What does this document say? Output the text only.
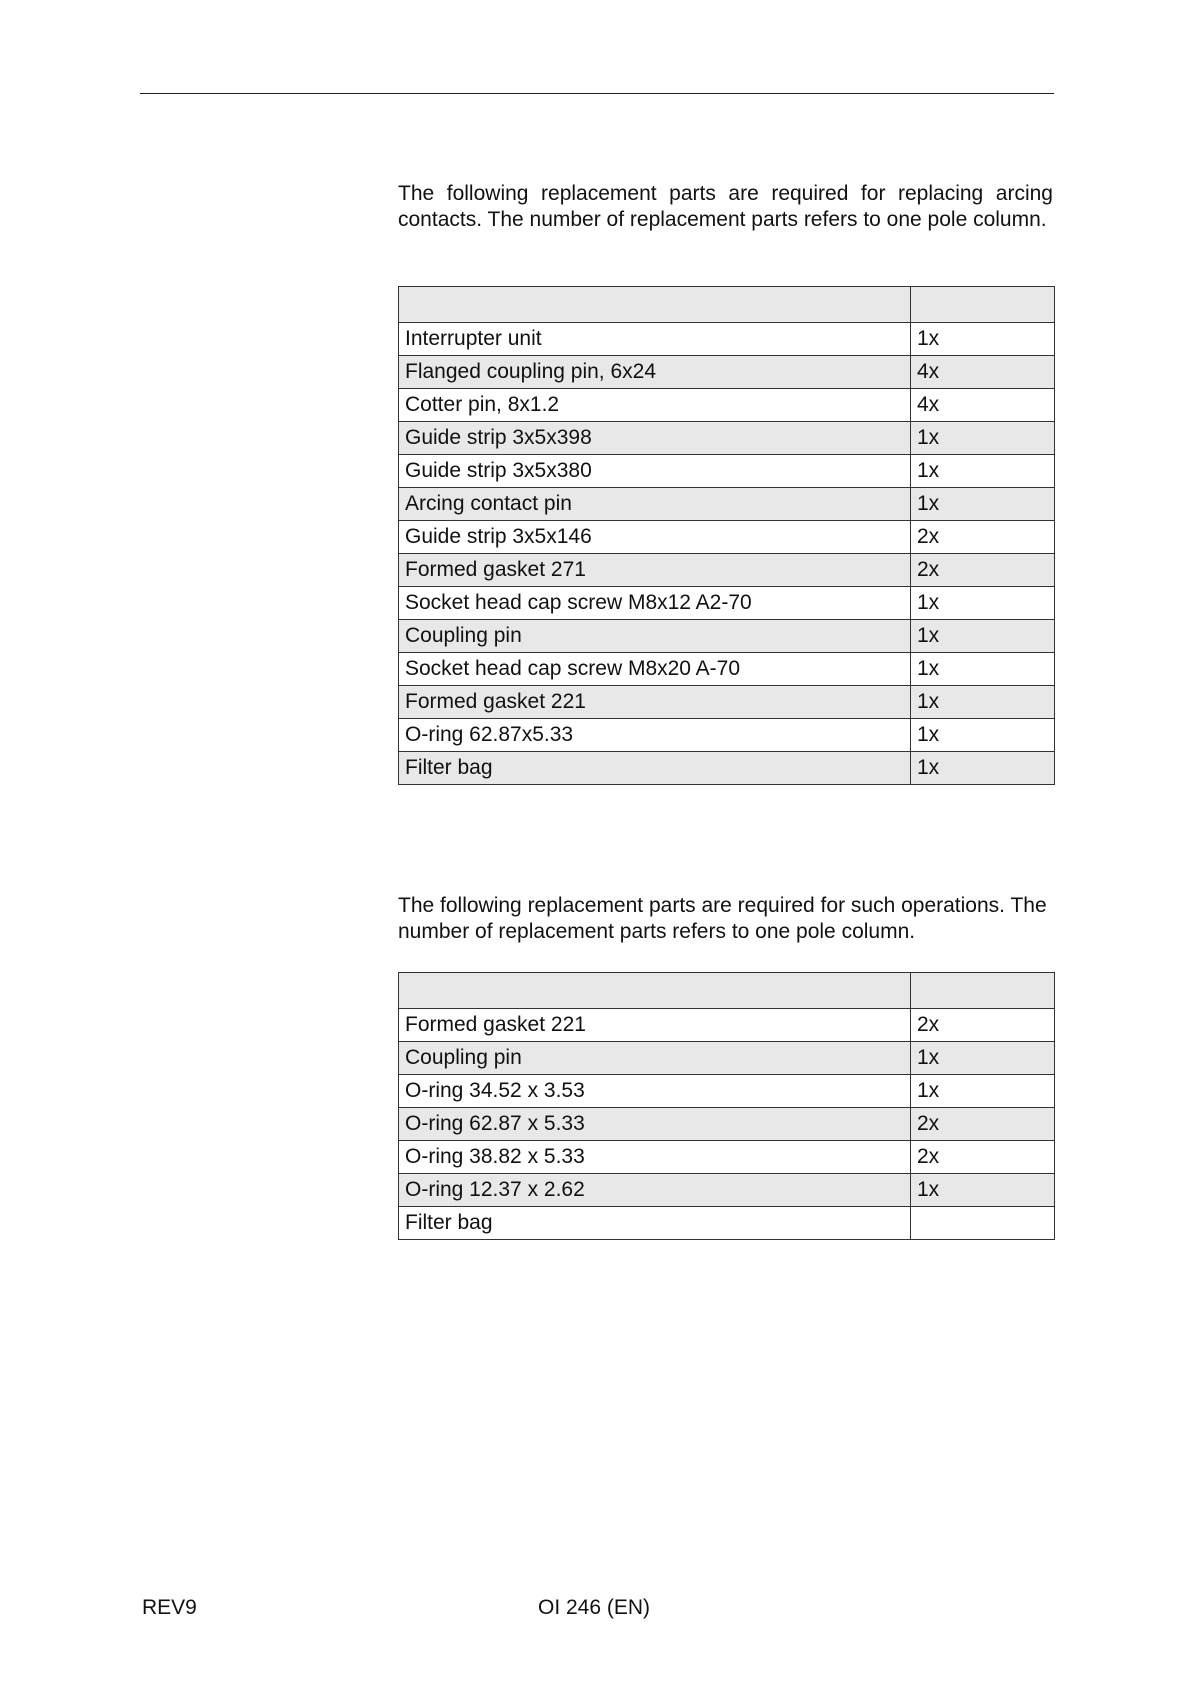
The following replacement parts are required for replacing arcing contacts. The number of replacement parts refers to one pole column.

Interrupter unit	1x
Flanged coupling pin, 6x24	4x
Cotter pin, 8x1.2	4x
Guide strip 3x5x398	1x
Guide strip 3x5x380	1x
Arcing contact pin	1x
Guide strip 3x5x146	2x
Formed gasket 271	2x
Socket head cap screw M8x12 A2-70	1x
Coupling pin	1x
Socket head cap screw M8x20 A-70	1x
Formed gasket 221	1x
O-ring 62.87x5.33	1x
Filter bag	1x

The following replacement parts are required for such operations. The number of replacement parts refers to one pole column.

Formed gasket 221	2x
Coupling pin	1x
O-ring 34.52 x 3.53	1x
O-ring 62.87 x 5.33	2x
O-ring 38.82 x 5.33	2x
O-ring 12.37 x 2.62	1x
Filter bag	
REV9	OI 246 (EN)
